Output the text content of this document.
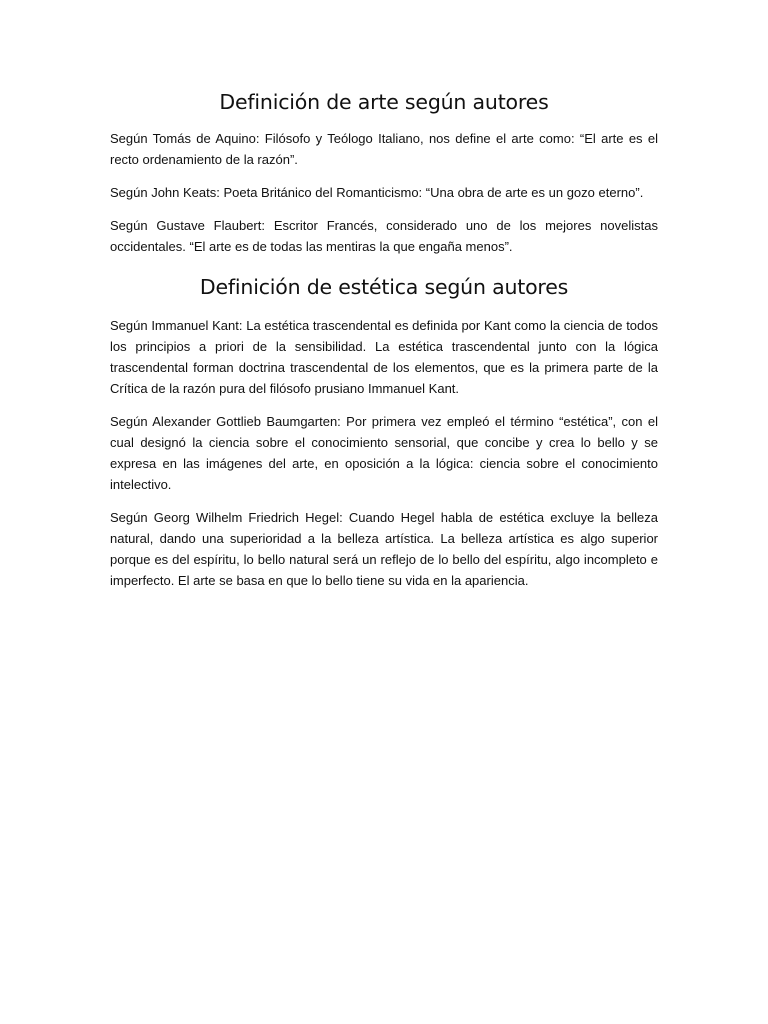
Definición de arte según autores

Según Tomás de Aquino: Filósofo y Teólogo Italiano, nos define el arte como: “El arte es el recto ordenamiento de la razón”.

Según John Keats: Poeta Británico del Romanticismo: “Una obra de arte es un gozo eterno”.

Según Gustave Flaubert: Escritor Francés, considerado uno de los mejores novelistas occidentales. “El arte es de todas las mentiras la que engaña menos”.

Definición de estética según autores

Según Immanuel Kant: La estética trascendental es definida por Kant como la ciencia de todos los principios a priori de la sensibilidad. La estética trascendental junto con la lógica trascendental forman doctrina trascendental de los elementos, que es la primera parte de la Crítica de la razón pura del filósofo prusiano Immanuel Kant.

Según Alexander Gottlieb Baumgarten: Por primera vez empleó el término “estética”, con el cual designó la ciencia sobre el conocimiento sensorial, que concibe y crea lo bello y se expresa en las imágenes del arte, en oposición a la lógica: ciencia sobre el conocimiento intelectivo.

Según Georg Wilhelm Friedrich Hegel: Cuando Hegel habla de estética excluye la belleza natural, dando una superioridad a la belleza artística. La belleza artística es algo superior porque es del espíritu, lo bello natural será un reflejo de lo bello del espíritu, algo incompleto e imperfecto. El arte se basa en que lo bello tiene su vida en la apariencia.
